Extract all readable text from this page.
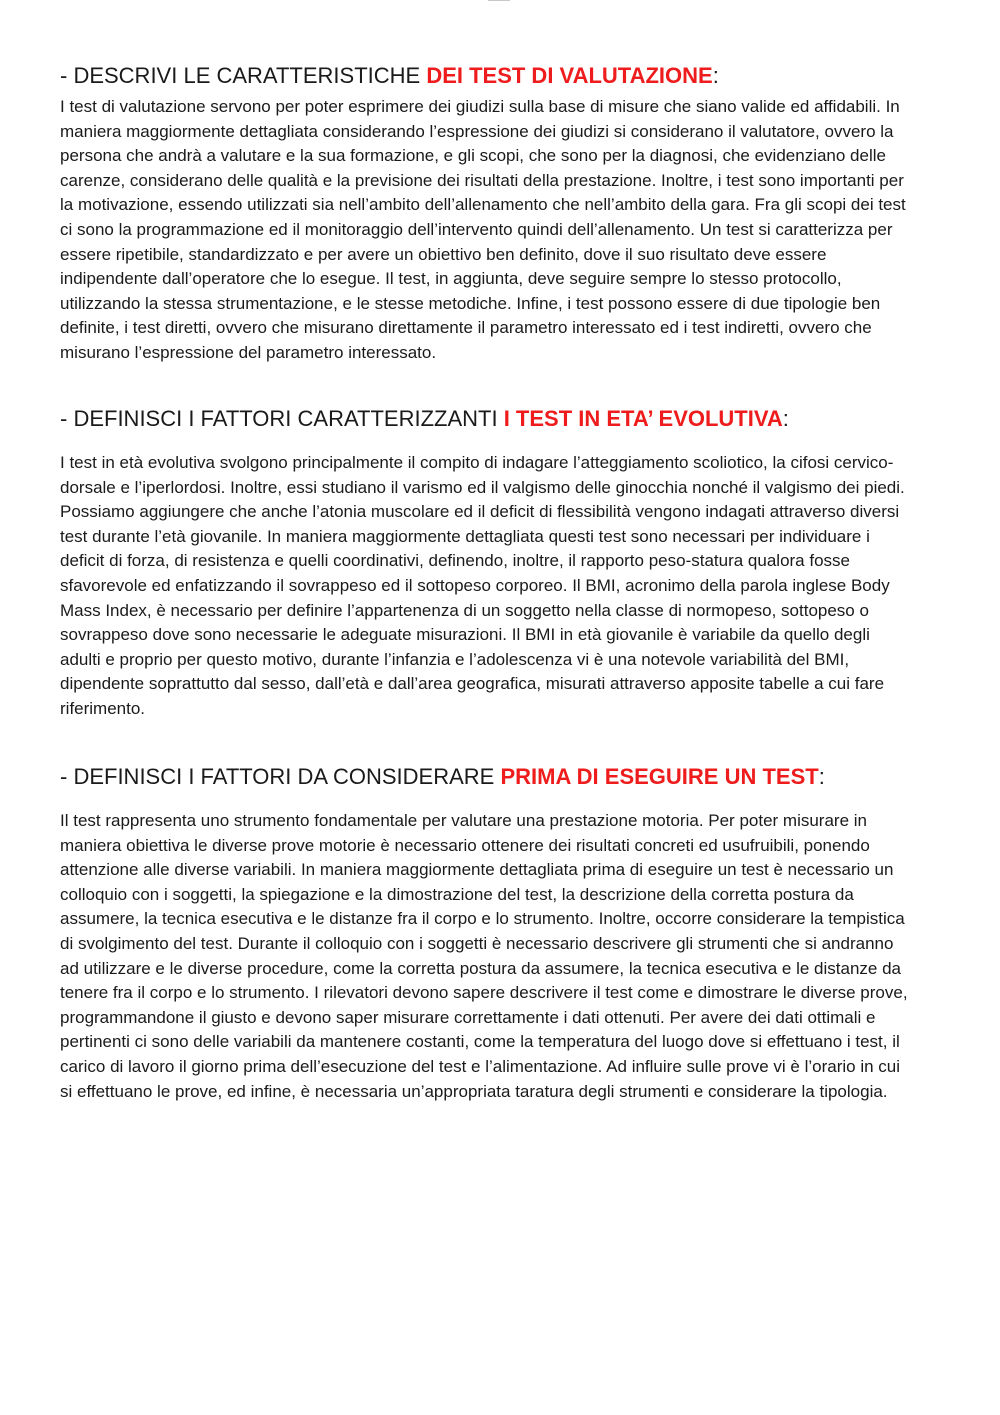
- DESCRIVI LE CARATTERISTICHE DEI TEST DI VALUTAZIONE:

I test di valutazione servono per poter esprimere dei giudizi sulla base di misure che siano valide ed affidabili. In maniera maggiormente dettagliata considerando l’espressione dei giudizi si considerano il valutatore, ovvero la persona che andrà a valutare e la sua formazione, e gli scopi, che sono per la diagnosi, che evidenziano delle carenze, considerano delle qualità e la previsione dei risultati della prestazione. Inoltre, i test sono importanti per la motivazione, essendo utilizzati sia nell’ambito dell’allenamento che nell’ambito della gara. Fra gli scopi dei test ci sono la programmazione ed il monitoraggio dell’intervento quindi dell’allenamento. Un test si caratterizza per essere ripetibile, standardizzato e per avere un obiettivo ben definito, dove il suo risultato deve essere indipendente dall’operatore che lo esegue. Il test, in aggiunta, deve seguire sempre lo stesso protocollo, utilizzando la stessa strumentazione, e le stesse metodiche. Infine, i test possono essere di due tipologie ben definite, i test diretti, ovvero che misurano direttamente il parametro interessato ed i test indiretti, ovvero che misurano l’espressione del parametro interessato.

- DEFINISCI I FATTORI CARATTERIZZANTI I TEST IN ETA’ EVOLUTIVA:

I test in età evolutiva svolgono principalmente il compito di indagare l’atteggiamento scoliotico, la cifosi cervico-dorsale e l’iperlordosi. Inoltre, essi studiano il varismo ed il valgismo delle ginocchia nonché il valgismo dei piedi. Possiamo aggiungere che anche l’atonia muscolare ed il deficit di flessibilità vengono indagati attraverso diversi test durante l’età giovanile. In maniera maggiormente dettagliata questi test sono necessari per individuare i deficit di forza, di resistenza e quelli coordinativi, definendo, inoltre, il rapporto peso-statura qualora fosse sfavorevole ed enfatizzando il sovrappeso ed il sottopeso corporeo. Il BMI, acronimo della parola inglese Body Mass Index, è necessario per definire l’appartenenza di un soggetto nella classe di normopeso, sottopeso o sovrappeso dove sono necessarie le adeguate misurazioni. Il BMI in età giovanile è variabile da quello degli adulti e proprio per questo motivo, durante l’infanzia e l’adolescenza vi è una notevole variabilità del BMI, dipendente soprattutto dal sesso, dall’età e dall’area geografica, misurati attraverso apposite tabelle a cui fare riferimento.

- DEFINISCI I FATTORI DA CONSIDERARE PRIMA DI ESEGUIRE UN TEST:

Il test rappresenta uno strumento fondamentale per valutare una prestazione motoria. Per poter misurare in maniera obiettiva le diverse prove motorie è necessario ottenere dei risultati concreti ed usufruibili, ponendo attenzione alle diverse variabili. In maniera maggiormente dettagliata prima di eseguire un test è necessario un colloquio con i soggetti, la spiegazione e la dimostrazione del test, la descrizione della corretta postura da assumere, la tecnica esecutiva e le distanze fra il corpo e lo strumento. Inoltre, occorre considerare la tempistica di svolgimento del test. Durante il colloquio con i soggetti è necessario descrivere gli strumenti che si andranno ad utilizzare e le diverse procedure, come la corretta postura da assumere, la tecnica esecutiva e le distanze da tenere fra il corpo e lo strumento. I rilevatori devono sapere descrivere il test come e dimostrare le diverse prove, programmandone il giusto e devono saper misurare correttamente i dati ottenuti. Per avere dei dati ottimali e pertinenti ci sono delle variabili da mantenere costanti, come la temperatura del luogo dove si effettuano i test, il carico di lavoro il giorno prima dell’esecuzione del test e l’alimentazione. Ad influire sulle prove vi è l’orario in cui si effettuano le prove, ed infine, è necessaria un’appropriata taratura degli strumenti e considerare la tipologia.
